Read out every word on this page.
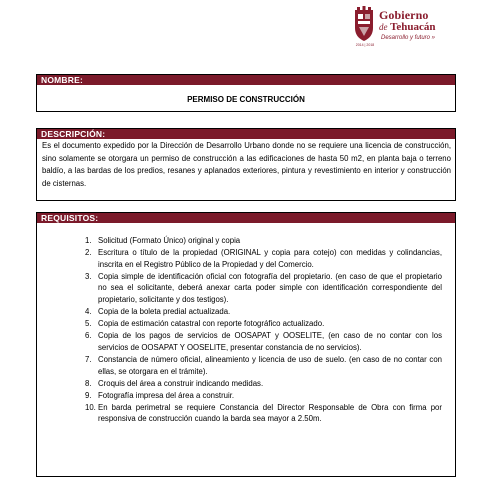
2014 | 2018
Gobierno
de Tehuacán
Desarrollo y futuro »
NOMBRE:
PERMISO DE CONSTRUCCIÓN
DESCRIPCIÓN:
Es el documento expedido por la Dirección de Desarrollo Urbano donde no se requiere una licencia de construcción, sino solamente se otorgara un permiso de construcción a las edificaciones de hasta 50 m2, en planta baja o terreno baldío, a las bardas de los predios, resanes y aplanados exteriores, pintura y revestimiento en interior y construcción de cisternas.
REQUISITOS:
1. Solicitud (Formato Único) original y copia
2. Escritura o título de la propiedad (ORIGINAL y copia para cotejo) con medidas y colindancias, inscrita en el Registro Público de la Propiedad y del Comercio.
3. Copia simple de identificación oficial con fotografía del propietario. (en caso de que el propietario no sea el solicitante, deberá anexar carta poder simple con identificación correspondiente del propietario, solicitante y dos testigos).
4. Copia de la boleta predial actualizada.
5. Copia de estimación catastral con reporte fotográfico actualizado.
6. Copia de los pagos de servicios de OOSAPAT y OOSELITE, (en caso de no contar con los servicios de OOSAPAT Y OOSELITE, presentar constancia de no servicios).
7. Constancia de número oficial, alineamiento y licencia de uso de suelo. (en caso de no contar con ellas, se otorgara en el trámite).
8. Croquis del área a construir indicando medidas.
9. Fotografía impresa del área a construir.
10. En barda perimetral se requiere Constancia del Director Responsable de Obra con firma por responsiva de construcción cuando la barda sea mayor a 2.50m.
